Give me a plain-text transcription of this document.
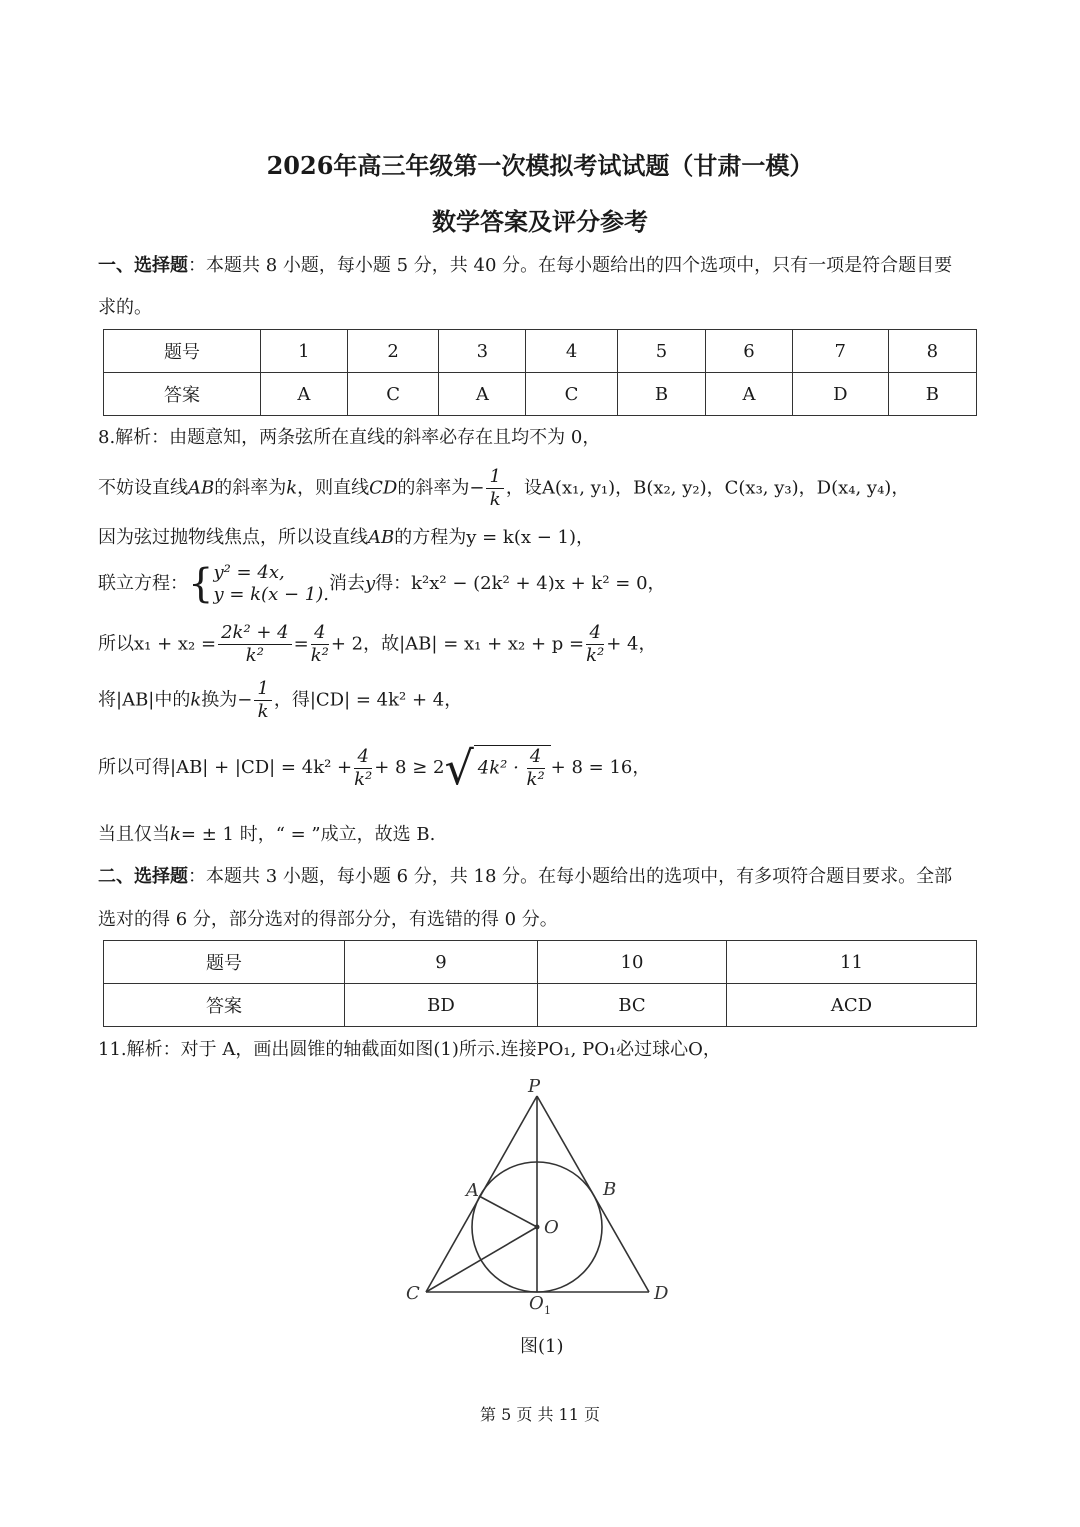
2026年高三年级第一次模拟考试试题（甘肃一模）
数学答案及评分参考
一、选择题：本题共 8 小题，每小题 5 分，共 40 分。在每小题给出的四个选项中，只有一项是符合题目要
求的。
题号	1	2	3	4	5	6	7	8
答案	A	C	A	C	B	A	D	B
8.解析：由题意知，两条弦所在直线的斜率必存在且均不为 0，
不妨设直线AB的斜率为k，则直线CD的斜率为− $\frac{1}{k}$ ，设A(x₁, y₁)，B(x₂, y₂)，C(x₃, y₃)，D(x₄, y₄)，
因为弦过抛物线焦点，所以设直线AB的方程为y = k(x − 1)，
联立方程：{ y² = 4x,
y = k(x − 1).
消去y得：k²x² − (2k² + 4)x + k² = 0，
所以$x_1 + x_2 = \frac{\text{2k² + 4}}{\text{k²}} = \frac{4}{\text{k²}} + 2$，故$|AB| = x_1 + x_2 + p = \frac{4}{\text{k²}} + 4$，
将|AB|中的k换为− $\frac{1}{k}$ ，得|CD| = 4k² + 4，
所以可得$|AB| + |CD| = 4k^2 + \frac{4}{\text{k²}} + 8 \ge 2√$ $4k^2 \cdot \frac{4}{\text{k²}} + 8 = 16$，
当且仅当k= ± 1 时，“ = ”成立，故选 B.
二、选择题：本题共 3 小题，每小题 6 分，共 18 分。在每小题给出的选项中，有多项符合题目要求。全部
选对的得 6 分，部分选对的得部分分，有选错的得 0 分。
题号	9	10	11
答案	BD	BC	ACD
11.解析：对于 A，画出圆锥的轴截面如图(1)所示.连接PO₁, PO₁必过球心O，
P
A	B
O
C	D
O 1
图(1)
第 5 页 共 11 页
